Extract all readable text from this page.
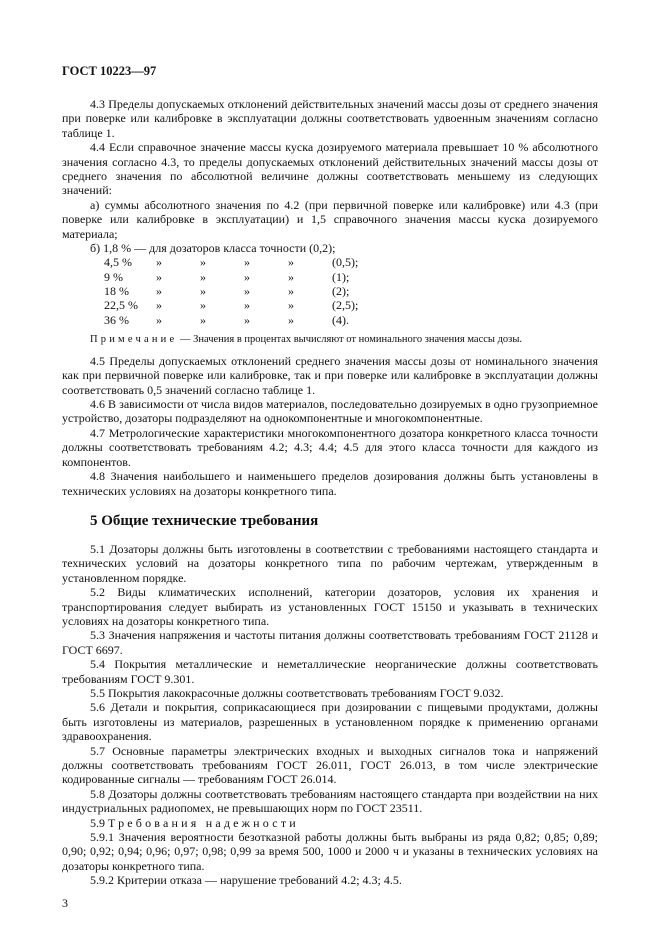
ГОСТ 10223—97
4.3 Пределы допускаемых отклонений действительных значений массы дозы от среднего значения при поверке или калибровке в эксплуатации должны соответствовать удвоенным значениям согласно таблице 1.
4.4 Если справочное значение массы куска дозируемого материала превышает 10 % абсолютного значения согласно 4.3, то пределы допускаемых отклонений действительных значений массы дозы от среднего значения по абсолютной величине должны соответствовать меньшему из следующих значений:
а) суммы абсолютного значения по 4.2 (при первичной поверке или калибровке) или 4.3 (при поверке или калибровке в эксплуатации) и 1,5 справочного значения массы куска дозируемого материала;
б) 1,8 % — для дозаторов класса точности (0,2);
4,5 %	»	»	»	»	(0,5);
9 %	»	»	»	»	(1);
18 %	»	»	»	»	(2);
22,5 %	»	»	»	»	(2,5);
36 %	»	»	»	»	(4).
Примечание — Значения в процентах вычисляют от номинального значения массы дозы.
4.5 Пределы допускаемых отклонений среднего значения массы дозы от номинального значения как при первичной поверке или калибровке, так и при поверке или калибровке в эксплуатации должны соответствовать 0,5 значений согласно таблице 1.
4.6 В зависимости от числа видов материалов, последовательно дозируемых в одно грузоприемное устройство, дозаторы подразделяют на однокомпонентные и многокомпонентные.
4.7 Метрологические характеристики многокомпонентного дозатора конкретного класса точности должны соответствовать требованиям 4.2; 4.3; 4.4; 4.5 для этого класса точности для каждого из компонентов.
4.8 Значения наибольшего и наименьшего пределов дозирования должны быть установлены в технических условиях на дозаторы конкретного типа.
5 Общие технические требования
5.1 Дозаторы должны быть изготовлены в соответствии с требованиями настоящего стандарта и технических условий на дозаторы конкретного типа по рабочим чертежам, утвержденным в установленном порядке.
5.2 Виды климатических исполнений, категории дозаторов, условия их хранения и транспортирования следует выбирать из установленных ГОСТ 15150 и указывать в технических условиях на дозаторы конкретного типа.
5.3 Значения напряжения и частоты питания должны соответствовать требованиям ГОСТ 21128 и ГОСТ 6697.
5.4 Покрытия металлические и неметаллические неорганические должны соответствовать требованиям ГОСТ 9.301.
5.5 Покрытия лакокрасочные должны соответствовать требованиям ГОСТ 9.032.
5.6 Детали и покрытия, соприкасающиеся при дозировании с пищевыми продуктами, должны быть изготовлены из материалов, разрешенных в установленном порядке к применению органами здравоохранения.
5.7 Основные параметры электрических входных и выходных сигналов тока и напряжений должны соответствовать требованиям ГОСТ 26.011, ГОСТ 26.013, в том числе электрические кодированные сигналы — требованиям ГОСТ 26.014.
5.8 Дозаторы должны соответствовать требованиям настоящего стандарта при воздействии на них индустриальных радиопомех, не превышающих норм по ГОСТ 23511.
5.9 Требования надежности
5.9.1 Значения вероятности безотказной работы должны быть выбраны из ряда 0,82; 0,85; 0,89; 0,90; 0,92; 0,94; 0,96; 0,97; 0,98; 0,99 за время 500, 1000 и 2000 ч и указаны в технических условиях на дозаторы конкретного типа.
5.9.2 Критерии отказа — нарушение требований 4.2; 4.3; 4.5.
3
